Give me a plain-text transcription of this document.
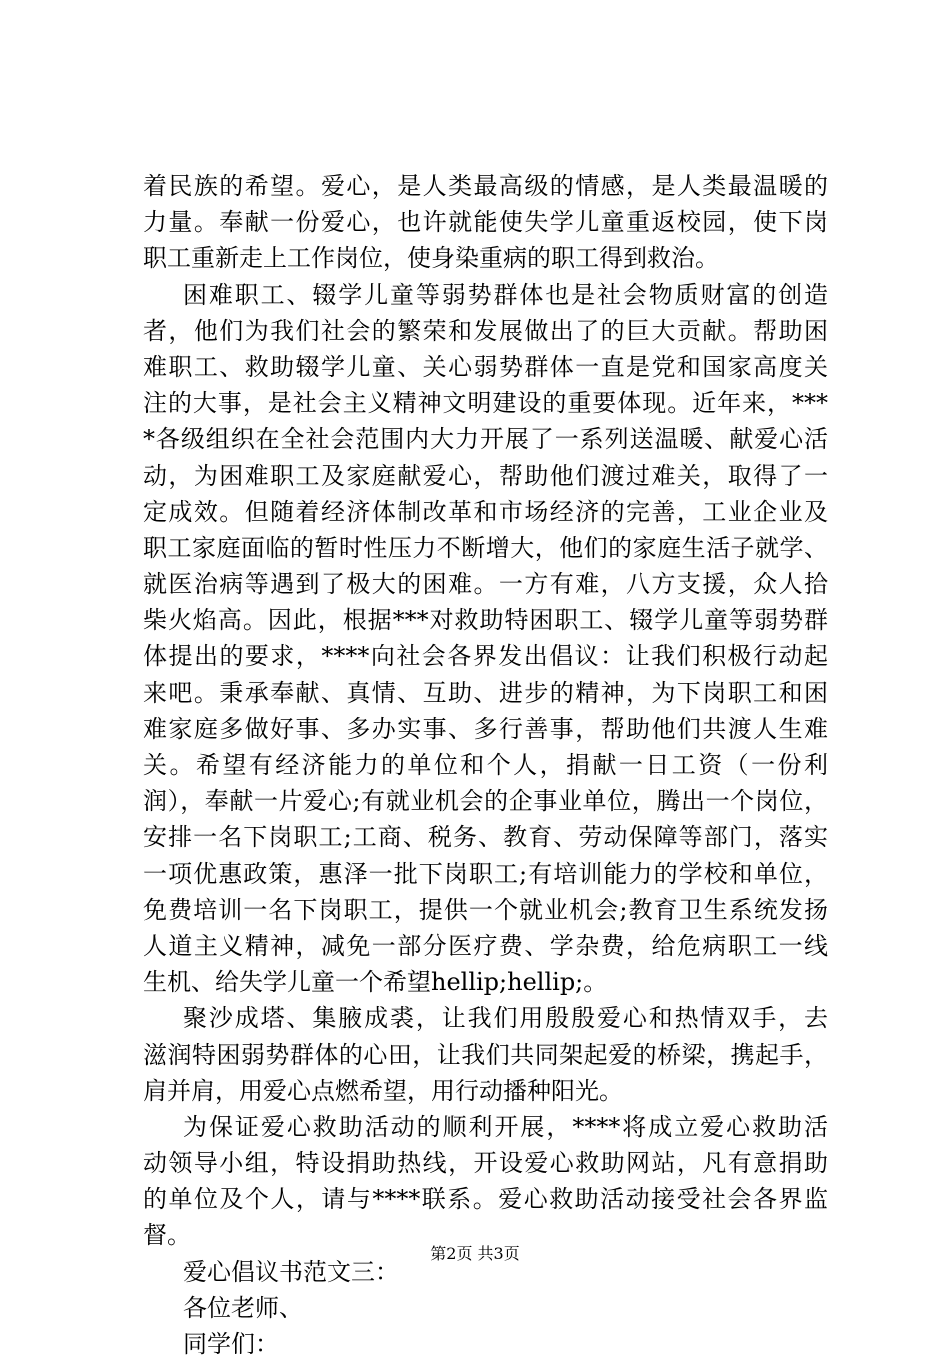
着民族的希望。爱心，是人类最高级的情感，是人类最温暖的
力量。奉献一份爱心，也许就能使失学儿童重返校园，使下岗
职工重新走上工作岗位，使身染重病的职工得到救治。
困难职工、辍学儿童等弱势群体也是社会物质财富的创造
者，他们为我们社会的繁荣和发展做出了的巨大贡献。帮助困
难职工、救助辍学儿童、关心弱势群体一直是党和国家高度关
注的大事，是社会主义精神文明建设的重要体现。近年来，***
*各级组织在全社会范围内大力开展了一系列送温暖、献爱心活
动，为困难职工及家庭献爱心，帮助他们渡过难关，取得了一
定成效。但随着经济体制改革和市场经济的完善，工业企业及
职工家庭面临的暂时性压力不断增大，他们的家庭生活子就学、
就医治病等遇到了极大的困难。一方有难，八方支援，众人拾
柴火焰高。因此，根据***对救助特困职工、辍学儿童等弱势群
体提出的要求，****向社会各界发出倡议：让我们积极行动起
来吧。秉承奉献、真情、互助、进步的精神，为下岗职工和困
难家庭多做好事、多办实事、多行善事，帮助他们共渡人生难
关。希望有经济能力的单位和个人，捐献一日工资（一份利
润），奉献一片爱心;有就业机会的企事业单位，腾出一个岗位，
安排一名下岗职工;工商、税务、教育、劳动保障等部门，落实
一项优惠政策，惠泽一批下岗职工;有培训能力的学校和单位，
免费培训一名下岗职工，提供一个就业机会;教育卫生系统发扬
人道主义精神，减免一部分医疗费、学杂费，给危病职工一线
生机、给失学儿童一个希望hellip;hellip;。
聚沙成塔、集腋成裘，让我们用殷殷爱心和热情双手，去
滋润特困弱势群体的心田，让我们共同架起爱的桥梁，携起手，
肩并肩，用爱心点燃希望，用行动播种阳光。
为保证爱心救助活动的顺利开展，****将成立爱心救助活
动领导小组，特设捐助热线，开设爱心救助网站，凡有意捐助
的单位及个人，请与****联系。爱心救助活动接受社会各界监
督。
爱心倡议书范文三：
各位老师、
同学们：
第2页 共3页
